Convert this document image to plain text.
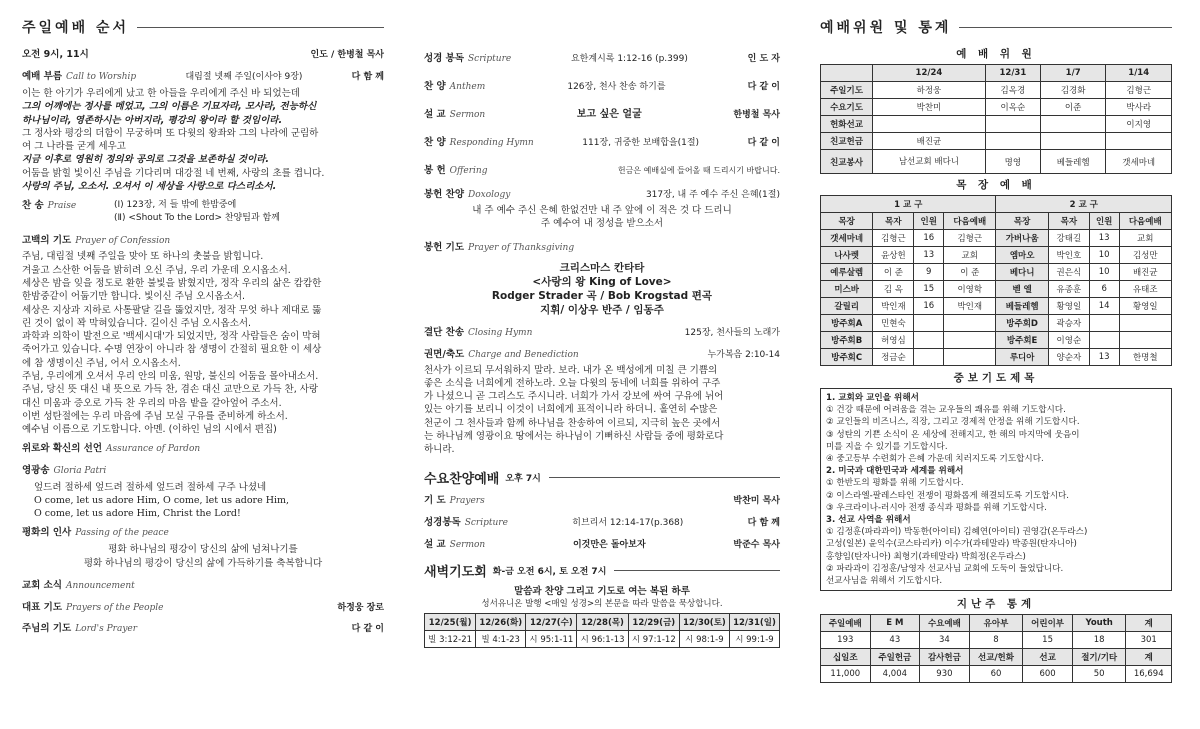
주일예배 순서
오전 9시, 11시	인도 / 한병철 목사
예배 부름 Call to Worship	대림절 넷째 주일(이사야 9장)	다 함 께

이는 한 아기가 우리에게 났고 한 아들을 우리에게 주신 바 되었는데

그의 어깨에는 정사를 메었고, 그의 이름은 기묘자라, 모사라, 전능하신

하나님이라, 영존하시는 아버지라, 평강의 왕이라 할 것임이라.

그 정사와 평강의 더함이 무궁하며 또 다윗의 왕좌와 그의 나라에 군림하

여 그 나라를 굳게 세우고

지금 이후로 영원히 정의와 공의로 그것을 보존하실 것이라.

어둠을 밝힐 빛이신 주님을 기다리며 대강절 네 번째, 사랑의 초를 켭니다.

사랑의 주님, 오소서. 오셔서 이 세상을 사랑으로 다스리소서.

찬 송 Praise	(Ⅰ) 123장, 저 들 밖에 한밤중에
(Ⅱ) <Shout To the Lord> 찬양팀과 함께
고백의 기도 Prayer of Confession

주님, 대림절 넷째 주일을 맞아 또 하나의 촛불을 밝힙니다.

겨울고 스산한 어둠을 밝히려 오신 주님, 우리 가운데 오시옵소서.

세상은 밤을 잊을 정도로 환한 불빛을 밝혔지만, 정작 우리의 삶은 캄캄한

한밤중같이 어둡기만 합니다. 빛이신 주님 오시옵소서.

세상은 지상과 지하로 사통팔달 길을 뚫었지만, 정작 무엇 하나 제대로 뚫

린 것이 없이 꽉 막혀있습니다. 길이신 주님 오시옵소서.

과학과 의학이 발전으로 '백세시대'가 되었지만, 정작 사람들은 숨이 막혀

죽어가고 있습니다. 수명 연장이 아니라 참 생명이 간절히 필요한 이 세상

에 참 생명이신 주님, 어서 오시옵소서.

주님, 우리에게 오셔서 우리 안의 미움, 원망, 불신의 어둠을 몰아내소서.

주님, 당신 뜻 대신 내 뜻으로 가득 찬, 겸손 대신 교만으로 가득 찬, 사랑

대신 미움과 증오로 가득 찬 우리의 마음 밭을 갈아엎어 주소서.

이번 성탄절에는 우리 마음에 주님 모실 구유를 준비하게 하소서.

예수님 이름으로 기도합니다. 아멘. (이하인 님의 시에서 편집)

위로와 확신의 선언 Assurance of Pardon
영광송 Gloria Patri

엎드려 절하세 엎드려 절하세 엎드려 절하세 구주 나셨네

O come, let us adore Him, O come, let us adore Him,

O come, let us adore Him, Christ the Lord!

평화의 인사 Passing of the peace

평화 하나님의 평강이 당신의 삶에 넘쳐나기를

평화 하나님의 평강이 당신의 삶에 가득하기를 축복합니다

교회 소식 Announcement
대표 기도 Prayers of the People	하정웅 장로
주님의 기도 Lord's Prayer	다 같 이
성경 봉독 Scripture	요한계시록 1:12-16 (p.399)	인 도 자
찬 양 Anthem	126장, 천사 찬송 하기를	다 같 이
설 교 Sermon	보고 싶은 얼굴	한병철 목사
찬 양 Responding Hymn	111장, 귀중한 보배합을(1절)	다 같 이
봉 헌 Offering	헌금은 예배실에 들어올 때 드리시기 바랍니다.
봉헌 찬양 Doxology	317장, 내 주 예수 주신 은혜(1절)

내 주 예수 주신 은혜 한없건만 내 주 앞에 이 적은 것 다 드리니

주 예수여 내 정성을 받으소서

봉헌 기도 Prayer of Thanksgiving
크리스마스 칸타타
<사랑의 왕 King of Love>
Rodger Strader 곡 / Bob Krogstad 편곡
지휘/ 이상우 반주 / 임동주
결단 찬송 Closing Hymn	125장, 천사들의 노래가
권면/축도 Charge and Benediction	누가복음 2:10-14

천사가 이르되 무서워하지 말라. 보라. 내가 온 백성에게 미칠 큰 기쁨의

좋은 소식을 너희에게 전하노라. 오늘 다윗의 동네에 너희를 위하여 구주

가 나셨으니 곧 그리스도 주시니라. 너희가 가서 강보에 싸여 구유에 뉘어

있는 아기를 보리니 이것이 너희에게 표적이니라 하더니. 홀연히 수많은

천군이 그 천사들과 함께 하나님을 찬송하여 이르되, 지극히 높은 곳에서

는 하나님께 영광이요 땅에서는 하나님이 기뻐하신 사람들 중에 평화로다

하니라.

수요찬양예배 오후 7시
기 도 Prayers	박찬미 목사
성경봉독 Scripture	히브리서 12:14-17(p.368)	다 함 께
설 교 Sermon	이것만은 돌아보자	박준수 목사
새벽기도회 화-금 오전 6시, 토 오전 7시
말씀과 찬양 그리고 기도로 여는 복된 하루
성서유니온 발행 <매일 성경>의 본문을 따라 말씀을 묵상합니다.
12/25(월)	12/26(화)	12/27(수)	12/28(목)	12/29(금)	12/30(토)	12/31(일)
빌 3:12-21	빌 4:1-23	시 95:1-11	시 96:1-13	시 97:1-12	시 98:1-9	시 99:1-9
예배위원 및 통계
예 배 위 원
	12/24	12/31	1/7	1/14
주일기도	하정웅	김옥경	김경화	김형근
수요기도	박찬미	이옥순	이준	박사라
헌화선교				이지영
친교헌금	배진균			
친교봉사	남선교회 배다니	명영	베들레헴	갯세마네
목 장 예 배
1 교 구				2 교 구			
목장	목자	인원	다음예배	목장	목자	인원	다음예배
갯세마네	김형근	16	김형근	가버나움	강태길	13	교회
나사렛	윤상헌	13	교회	엠마오	박인호	10	김성만
예루살렘	이 준	9	이 준	베다니	권은식	10	배진균
미스바	김 옥	15	이영학	벧 엘	유종훈	6	유태조
갈릴리	박인재	16	박인재	베들레헴	황영일	14	황영일
방주회A	민현숙			방주회D	곽승자		
방주회B	허영심			방주회E	이영순		
방주회C	정금순			루디아	양순자	13	한명철
중보기도제목
1. 교회와 교인을 위해서
① 건강 때문에 어려움을 겪는 교우들의 쾌유를 위해 기도합시다.
② 교인들의 비즈니스, 직장, 그리고 경제적 안정을 위해 기도합시다.
③ 성탄의 기쁜 소식이 온 세상에 전해지고, 한 해의 마지막에 웃음이
미를 지을 수 있기를 기도합시다.
④ 중고등부 수련회가 은혜 가운데 치러지도록 기도합시다.
2. 미국과 대한민국과 세계를 위해서
① 한반도의 평화를 위해 기도합시다.
② 이스라엘-팔레스타인 전쟁이 평화롭게 해결되도록 기도합시다.
③ 우크라이나-러시아 전쟁 종식과 평화를 위해 기도합시다.
3. 선교 사역을 위해서
① 김정훈(파라과이) 박동한(아이티) 김혜연(아이티) 권영감(온두라스)
고성(일본) 윤익수(코스타리카) 이수가(과테말라) 박종원(탄자니아)
홍향임(탄자니아) 최형기(과테말라) 박희정(온두라스)
② 파라과이 김정훈/남영자 선교사님 교회에 도둑이 들었답니다.
선교사님을 위해서 기도합시다.
지난주 통계
주일예배	E M	수요예배	유아부	어린이부	Youth	계
193	43	34	8	15	18	301
십일조	주일헌금	감사헌금	선교/헌화	선교	절기/기타	계
11,000	4,004	930	60	600	50	16,694
